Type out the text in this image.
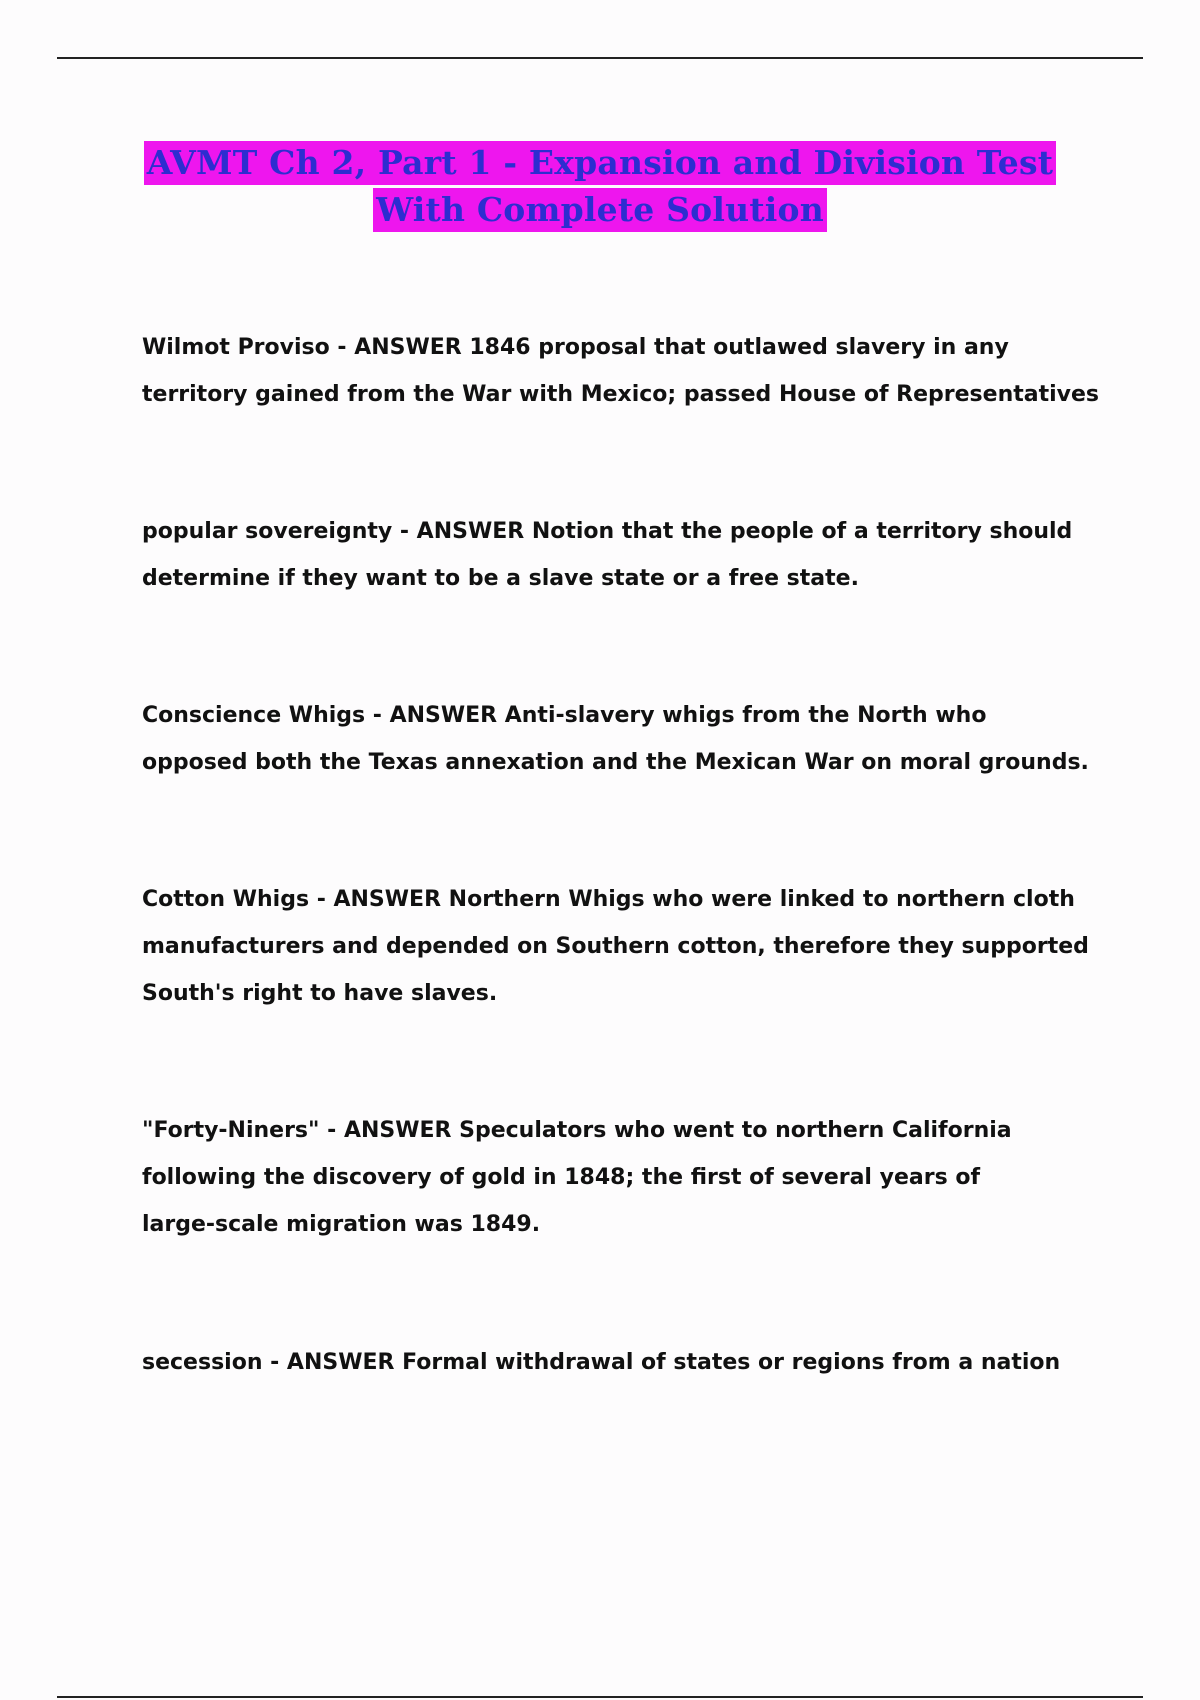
AVMT Ch 2, Part 1 - Expansion and Division Test
With Complete Solution
Wilmot Proviso - ANSWER 1846 proposal that outlawed slavery in any
territory gained from the War with Mexico; passed House of Representatives
popular sovereignty - ANSWER Notion that the people of a territory should
determine if they want to be a slave state or a free state.
Conscience Whigs - ANSWER Anti-slavery whigs from the North who
opposed both the Texas annexation and the Mexican War on moral grounds.
Cotton Whigs - ANSWER Northern Whigs who were linked to northern cloth
manufacturers and depended on Southern cotton, therefore they supported
South's right to have slaves.
"Forty-Niners" - ANSWER Speculators who went to northern California
following the discovery of gold in 1848; the first of several years of
large-scale migration was 1849.
secession - ANSWER Formal withdrawal of states or regions from a nation
